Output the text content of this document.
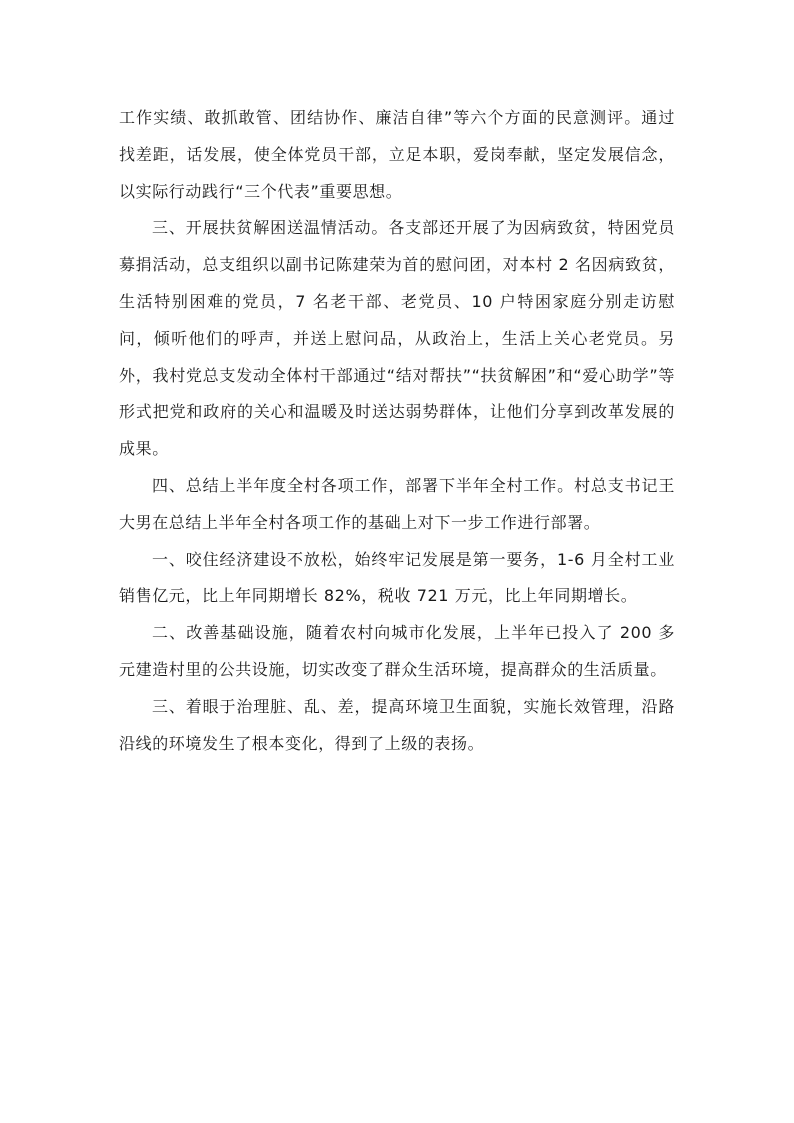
工作实绩、敢抓敢管、团结协作、廉洁自律”等六个方面的民意测评。通过找差距，话发展，使全体党员干部，立足本职，爱岗奉献，坚定发展信念，以实际行动践行“三个代表”重要思想。

三、开展扶贫解困送温情活动。各支部还开展了为因病致贫，特困党员募捐活动，总支组织以副书记陈建荣为首的慰问团，对本村 2 名因病致贫，生活特别困难的党员，7 名老干部、老党员、10 户特困家庭分别走访慰问，倾听他们的呼声，并送上慰问品，从政治上，生活上关心老党员。另外，我村党总支发动全体村干部通过“结对帮扶”“扶贫解困”和“爱心助学”等形式把党和政府的关心和温暖及时送达弱势群体，让他们分享到改革发展的成果。

四、总结上半年度全村各项工作，部署下半年全村工作。村总支书记王大男在总结上半年全村各项工作的基础上对下一步工作进行部署。

一、咬住经济建设不放松，始终牢记发展是第一要务，1-6 月全村工业销售亿元，比上年同期增长 82%，税收 721 万元，比上年同期增长。

二、改善基础设施，随着农村向城市化发展，上半年已投入了 200 多元建造村里的公共设施，切实改变了群众生活环境，提高群众的生活质量。

三、着眼于治理脏、乱、差，提高环境卫生面貌，实施长效管理，沿路沿线的环境发生了根本变化，得到了上级的表扬。
